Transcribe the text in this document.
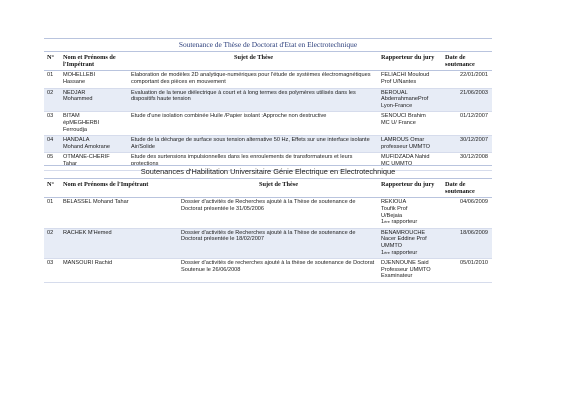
Soutenance de Thèse de Doctorat d'Etat en Electrotechnique
N°	Nom et Prénoms de l'Impétrant	Sujet de Thèse	Rapporteur du jury	Date de soutenance
01	MOHELLEBI
Hassane	Elaboration de modèles 2D analytique-numériques pour l'étude de systèmes électromagnétiques comportant des pièces en mouvement	FELIACHI Mouloud
Prof U/Nantes	22/01/2001
02	NEDJAR
Mohammed	Evaluation de la tenue diélectrique à court et à long termes des polymères utilisés dans les dispositifs haute tension	BEROUAL
AbderrahmaneProf
Lyon-France	21/06/2003
03	BITAM
épMEGHERBI
Ferroudja	Etude d'une isolation combinée Huile /Papier isolant :Approche non destructive	SENOUCI Brahim
MC U/ France	01/12/2007
04	HANDALA
Mohand Amokrane	Etude de la décharge de surface sous tension alternative 50 Hz, Effets sur une interface isolante Air/Solide	LAMROUS Omar
professeur UMMTO	30/12/2007
05	OTMANE-CHERIF
Tahar	Etude des surtensions impulsionnelles dans les enroulements de transformateurs et leurs protections	MUFIDZADA Nahid
MC UMMTO	30/12/2008
Soutenances d'Habilitation Universitaire Génie Electrique en Electrotechnique
N°	Nom et Prénoms de l'Impétrant	Sujet de Thèse	Rapporteur du jury	Date de soutenance
01	BELASSEL Mohand Tahar	Dossier d'activités de Recherches ajouté à la Thèse de soutenance de Doctorat présentée le 31/05/2006	REKIOUA
Toufik Prof
U/Bejaia
1ère rapporteur	04/06/2009
02	RACHEK M'Hemed	Dossier d'activités de Recherches ajouté à la Thèse de soutenance de Doctorat présentée le 18/02/2007	BENAMROUCHE
Nacer Eddine Prof
UMMTO
1ère rapporteur	18/06/2009
03	MANSOURI Rachid	Dossier d'activités de recherches ajouté à la thèse de soutenance de Doctorat Soutenue le 26/06/2008	DJENNOUNE Said
Professeur UMMTO
Examinateur	05/01/2010
